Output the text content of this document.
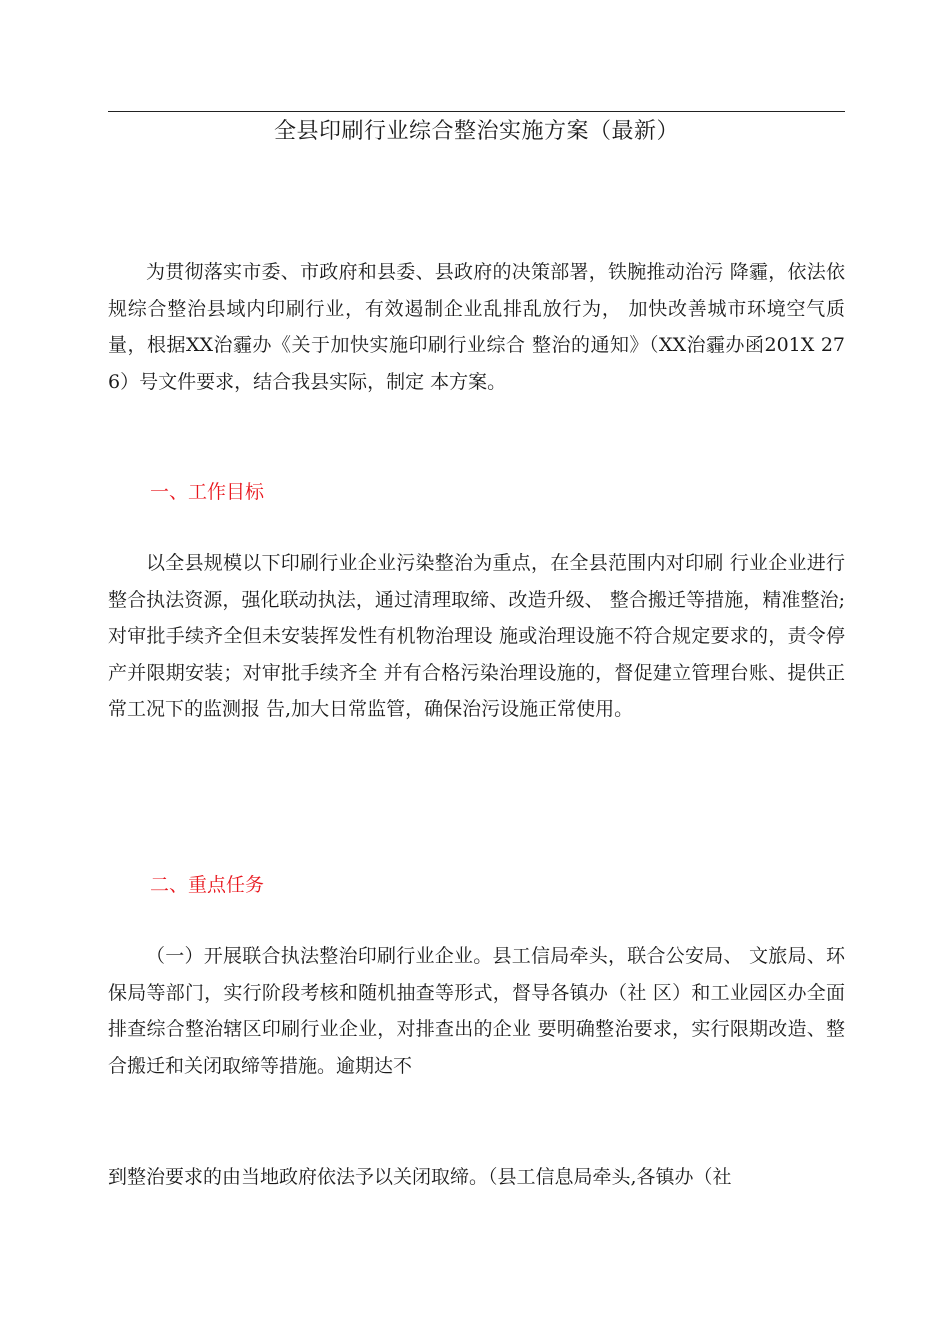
全县印刷行业综合整治实施方案（最新）

为贯彻落实市委、市政府和县委、县政府的决策部署，铁腕推动治污 降霾，依法依规综合整治县域内印刷行业，有效遏制企业乱排乱放行为， 加快改善城市环境空气质量，根据XX治霾办《关于加快实施印刷行业综合 整治的通知》（XX治霾办函201X 276）号文件要求，结合我县实际，制定 本方案。

一、工作目标

以全县规模以下印刷行业企业污染整治为重点，在全县范围内对印刷 行业企业进行整合执法资源，强化联动执法，通过清理取缔、改造升级、 整合搬迁等措施，精准整治;对审批手续齐全但未安装挥发性有机物治理设 施或治理设施不符合规定要求的，责令停产并限期安装；对审批手续齐全 并有合格污染治理设施的，督促建立管理台账、提供正常工况下的监测报 告,加大日常监管，确保治污设施正常使用。

二、重点任务

（一）开展联合执法整治印刷行业企业。县工信局牵头，联合公安局、 文旅局、环保局等部门，实行阶段考核和随机抽查等形式，督导各镇办（社 区）和工业园区办全面排查综合整治辖区印刷行业企业，对排查出的企业 要明确整治要求，实行限期改造、整合搬迁和关闭取缔等措施。逾期达不

到整治要求的由当地政府依法予以关闭取缔。（县工信息局牵头,各镇办（社
